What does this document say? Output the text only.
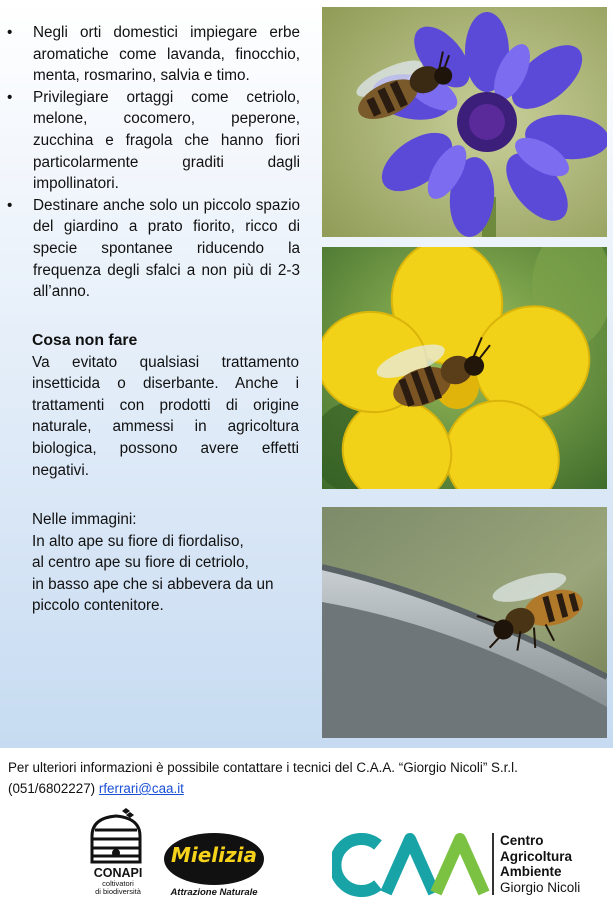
• Negli orti domestici impiegare erbe aromatiche come lavanda, finocchio, menta, rosmarino, salvia e timo.
• Privilegiare ortaggi come cetriolo, melone, cocomero, peperone, zucchina e fragola che hanno fiori particolarmente graditi dagli impollinatori.
• Destinare anche solo un piccolo spazio del giardino a prato fiorito, ricco di specie spontanee riducendo la frequenza degli sfalci a non più di 2-3 all’anno.
Cosa non fare

Va evitato qualsiasi trattamento insetticida o diserbante. Anche i trattamenti con prodotti di origine naturale, ammessi in agricoltura biologica, possono avere effetti negativi.

Nelle immagini:
In alto ape su fiore di fiordaliso,
al centro ape su fiore di cetriolo,
in basso ape che si abbevera da un
piccolo contenitore.
Per ulteriori informazioni è possibile contattare i tecnici del C.A.A. “Giorgio Nicoli” S.r.l.
(051/6802227) rferrari@caa.it
CONAPI
coltivatori
di biodiversità
Mielizia
Attrazione Naturale
CAA	Centro
Agricoltura
Ambiente
Giorgio Nicoli
